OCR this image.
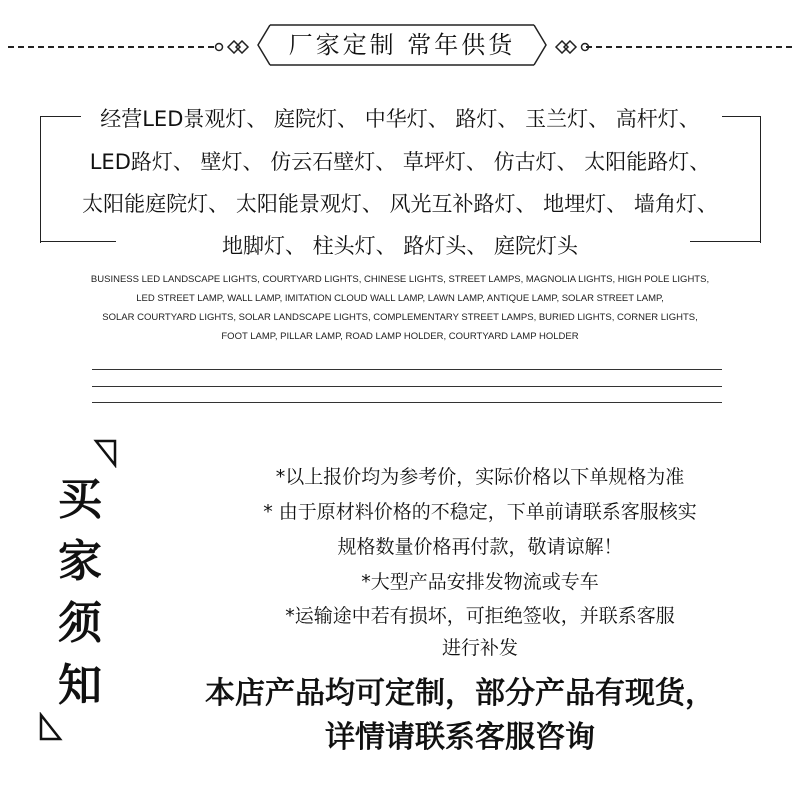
厂家定制 常年供货
经营LED景观灯、 庭院灯、 中华灯、 路灯、 玉兰灯、 高杆灯、
LED路灯、 壁灯、 仿云石壁灯、 草坪灯、 仿古灯、 太阳能路灯、
太阳能庭院灯、 太阳能景观灯、 风光互补路灯、 地埋灯、 墙角灯、
地脚灯、 柱头灯、 路灯头、 庭院灯头
BUSINESS LED LANDSCAPE LIGHTS, COURTYARD LIGHTS, CHINESE LIGHTS, STREET LAMPS, MAGNOLIA LIGHTS, HIGH POLE LIGHTS,
LED STREET LAMP, WALL LAMP, IMITATION CLOUD WALL LAMP, LAWN LAMP, ANTIQUE LAMP, SOLAR STREET LAMP,
SOLAR COURTYARD LIGHTS, SOLAR LANDSCAPE LIGHTS, COMPLEMENTARY STREET LAMPS, BURIED LIGHTS, CORNER LIGHTS,
FOOT LAMP, PILLAR LAMP, ROAD LAMP HOLDER, COURTYARD LAMP HOLDER
买
家
须
知
*以上报价均为参考价，实际价格以下单规格为准
* 由于原材料价格的不稳定，下单前请联系客服核实
规格数量价格再付款，敬请谅解！
*大型产品安排发物流或专车
*运输途中若有损坏，可拒绝签收，并联系客服
进行补发
本店产品均可定制，部分产品有现货，
详情请联系客服咨询
